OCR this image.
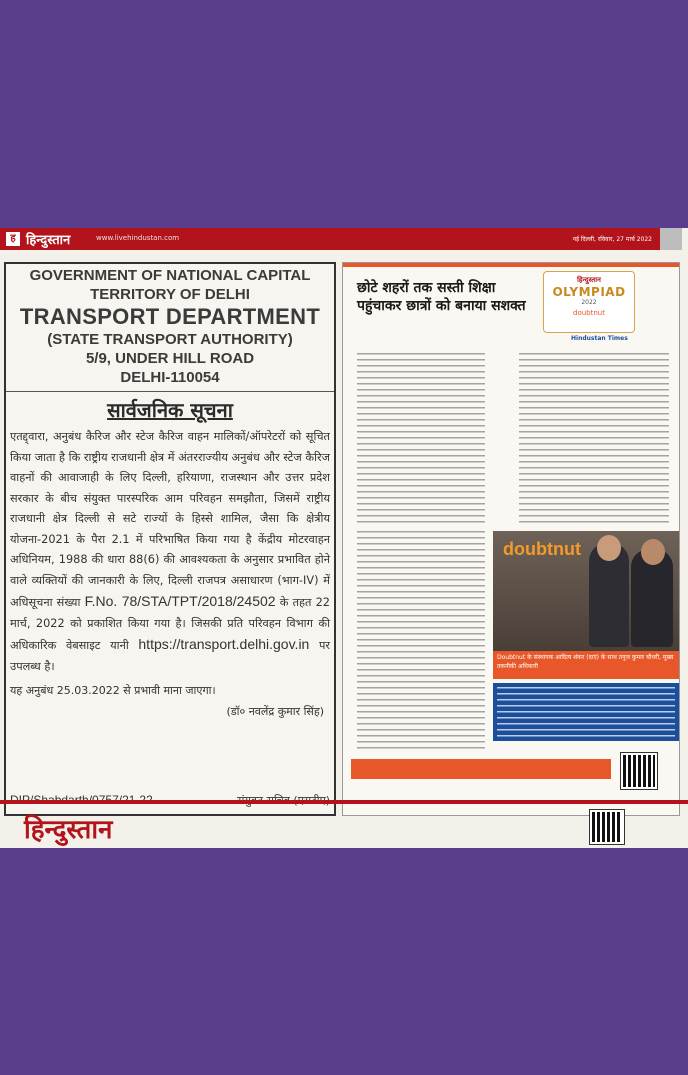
ह हिन्दुस्तान	www.livehindustan.com	नई दिल्ली, रविवार, 27 मार्च 2022
GOVERNMENT OF NATIONAL CAPITAL
TERRITORY OF DELHI
TRANSPORT DEPARTMENT
(STATE TRANSPORT AUTHORITY)
5/9, UNDER HILL ROAD
DELHI-110054
सार्वजनिक सूचना
एतद्द्वारा, अनुबंध कैरिज और स्टेज कैरिज वाहन मालिकों/ऑपरेटरों को सूचित किया जाता है कि राष्ट्रीय राजधानी क्षेत्र में अंतरराज्यीय अनुबंध और स्टेज कैरिज वाहनों की आवाजाही के लिए दिल्ली, हरियाणा, राजस्थान और उत्तर प्रदेश सरकार के बीच संयुक्त पारस्परिक आम परिवहन समझौता, जिसमें राष्ट्रीय राजधानी क्षेत्र दिल्ली से सटे राज्यों के हिस्से शामिल, जैसा कि क्षेत्रीय योजना-2021 के पैरा 2.1 में परिभाषित किया गया है केंद्रीय मोटरवाहन अधिनियम, 1988 की धारा 88(6) की आवश्यकता के अनुसार प्रभावित होने वाले व्यक्तियों की जानकारी के लिए, दिल्ली राजपत्र असाधारण (भाग-IV) में अधिसूचना संख्या F.No. 78/STA/TPT/2018/24502 के तहत 22 मार्च, 2022 को प्रकाशित किया गया है। जिसकी प्रति परिवहन विभाग की अधिकारिक वेबसाइट यानी https://transport.delhi.gov.in पर उपलब्ध है।
यह अनुबंध 25.03.2022 से प्रभावी माना जाएगा।
(डॉ० नवलेंद्र कुमार सिंह)
छोटे शहरों तक सस्ती शिक्षा पहुंचाकर छात्रों को बनाया सशक्त
हिन्दुस्तान
OLYMPIAD
2022
doubtnut
Hindustan Times
doubtnut
Doubtnut के संस्थापक आदित्य शंकर (दाएं) के साथ तनुज कुमार चौधरी, मुख्य तकनीकी अधिकारी
हिन्दुस्तान
